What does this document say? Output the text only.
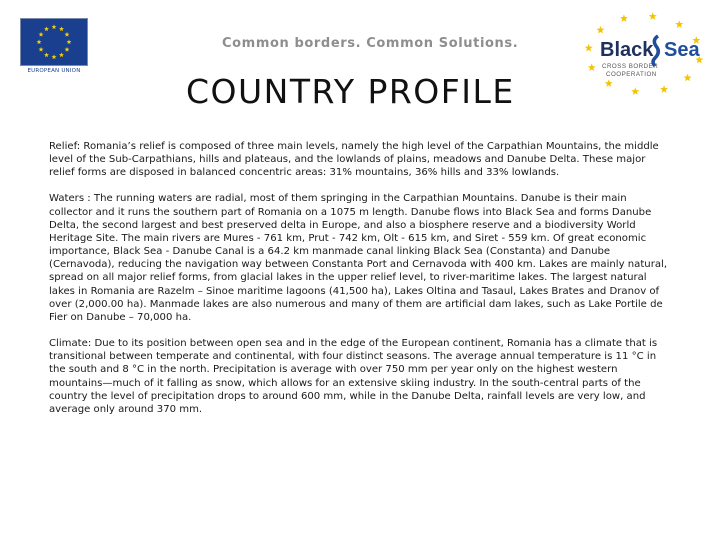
EUROPEAN UNION
Common borders. Common Solutions.	Black Sea
CROSS BORDER
COOPERATION
COUNTRY PROFILE

Relief: Romania’s relief is composed of three main levels, namely the high level of the Carpathian Mountains, the middle level of the Sub-Carpathians, hills and plateaus, and the lowlands of plains, meadows and Danube Delta. These major relief forms are disposed in balanced concentric areas: 31% mountains, 36% hills and 33% lowlands.

Waters : The running waters are radial, most of them springing in the Carpathian Mountains. Danube is their main collector and it runs the southern part of Romania on a 1075 m length. Danube flows into Black Sea and forms Danube Delta, the second largest and best preserved delta in Europe, and also a biosphere reserve and a biodiversity World Heritage Site. The main rivers are Mures - 761 km, Prut - 742 km, Olt - 615 km, and Siret - 559 km. Of great economic importance, Black Sea - Danube Canal is a 64.2 km manmade canal linking Black Sea (Constanta) and Danube (Cernavoda), reducing the navigation way between Constanta Port and Cernavoda with 400 km. Lakes are mainly natural, spread on all major relief forms, from glacial lakes in the upper relief level, to river-maritime lakes. The largest natural lakes in Romania are Razelm – Sinoe maritime lagoons (41,500 ha), Lakes Oltina and Tasaul, Lakes Brates and Dranov of over (2,000.00 ha). Manmade lakes are also numerous and many of them are artificial dam lakes, such as Lake Portile de Fier on Danube – 70,000 ha.

Climate: Due to its position between open sea and in the edge of the European continent, Romania has a climate that is transitional between temperate and continental, with four distinct seasons. The average annual temperature is 11 °C in the south and 8 °C in the north. Precipitation is average with over 750 mm per year only on the highest western mountains—much of it falling as snow, which allows for an extensive skiing industry. In the south-central parts of the country the level of precipitation drops to around 600 mm, while in the Danube Delta, rainfall levels are very low, and average only around 370 mm.
